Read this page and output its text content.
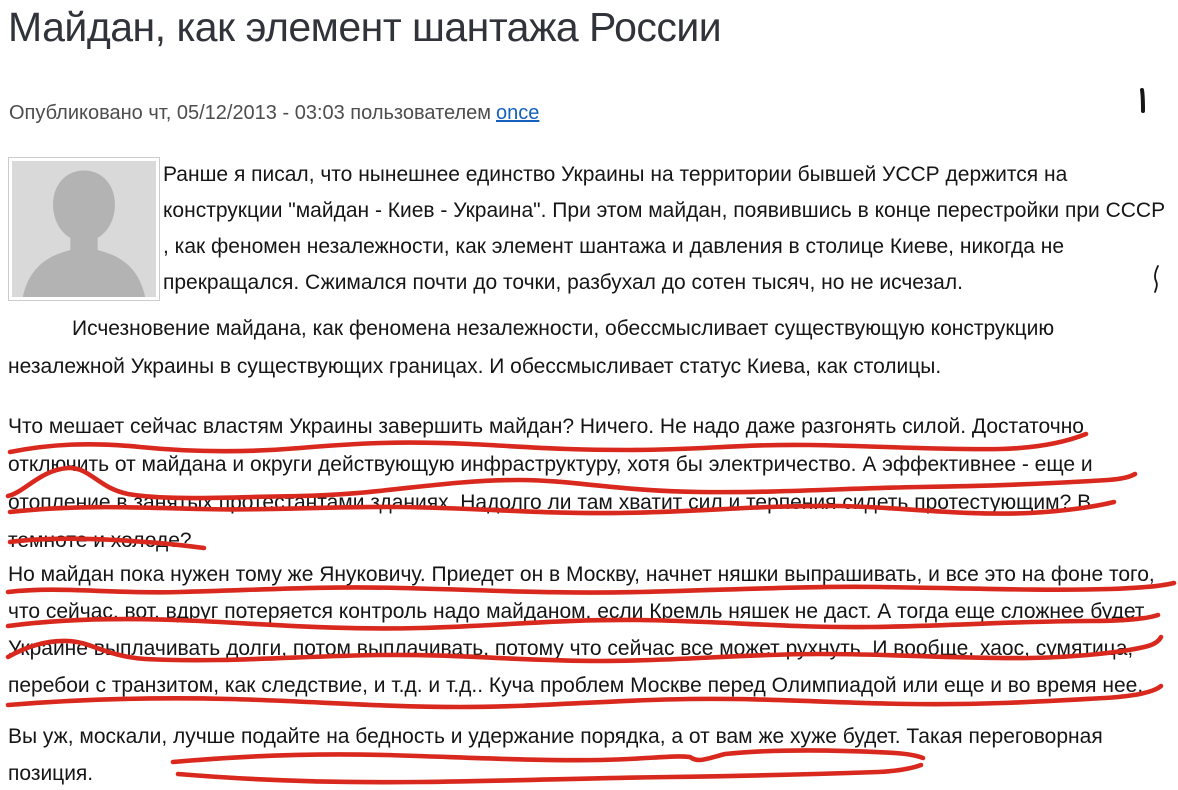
Майдан, как элемент шантажа России
Опубликовано чт, 05/12/2013 - 03:03 пользователем once
Ранше я писал, что нынешнее единство Украины на территории бывшей УССР держится на
конструкции "майдан - Киев - Украина". При этом майдан, появившись в конце перестройки при СССР
, как феномен незалежности, как элемент шантажа и давления в столице Киеве, никогда не
прекращался. Сжимался почти до точки, разбухал до сотен тысяч, но не исчезал.
Исчезновение майдана, как феномена незалежности, обессмысливает существующую конструкцию
незалежной Украины в существующих границах. И обессмысливает статус Киева, как столицы.
Что мешает сейчас властям Украины завершить майдан? Ничего. Не надо даже разгонять силой. Достаточно
отключить от майдана и округи действующую инфраструктуру, хотя бы электричество. А эффективнее - еще и
отопление в занятых протестантами зданиях. Надолго ли там хватит сил и терпения сидеть протестующим? В
темноте и холоде?
Но майдан пока нужен тому же Януковичу. Приедет он в Москву, начнет няшки выпрашивать, и все это на фоне того,
что сейчас, вот, вдруг потеряется контроль надо майданом, если Кремль няшек не даст. А тогда еще сложнее будет
Украине выплачивать долги, потом выплачивать, потому что сейчас все может рухнуть. И вообще, хаос, сумятица,
перебои с транзитом, как следствие, и т.д. и т.д.. Куча проблем Москве перед Олимпиадой или еще и во время нее.
Вы уж, москали, лучше подайте на бедность и удержание порядка, а от вам же хуже будет. Такая переговорная
позиция.
